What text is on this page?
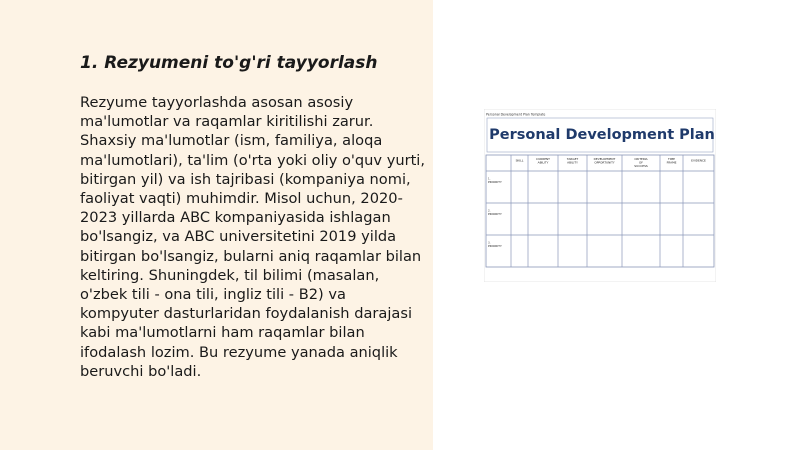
1. Rezyumeni to'g'ri tayyorlash

Rezyume tayyorlashda asosan asosiy ma'lumotlar va raqamlar kiritilishi zarur. Shaxsiy ma'lumotlar (ism, familiya, aloqa ma'lumotlari), ta'lim (o'rta yoki oliy o'quv yurti, bitirgan yil) va ish tajribasi (kompaniya nomi, faoliyat vaqti) muhimdir. Misol uchun, 2020-2023 yillarda ABC kompaniyasida ishlagan bo'lsangiz, va ABC universitetini 2019 yilda bitirgan bo'lsangiz, bularni aniq raqamlar bilan keltiring. Shuningdek, til bilimi (masalan, o'zbek tili - ona tili, ingliz tili - B2) va kompyuter dasturlaridan foydalanish darajasi kabi ma'lumotlarni ham raqamlar bilan ifodalash lozim. Bu rezyume yanada aniqlik beruvchi bo'ladi.

Personal Development Plan Template
Personal Development Plan
SKILL	CURRENT
ABILITY
TARGET
ABILITY
DEVELOPMENT
OPPORTUNITY
CRITERIA
OF
SUCCESS
TIME
FRAME
EVIDENCE
1.
PRIORITY
2.
PRIORITY
3.
PRIORITY
